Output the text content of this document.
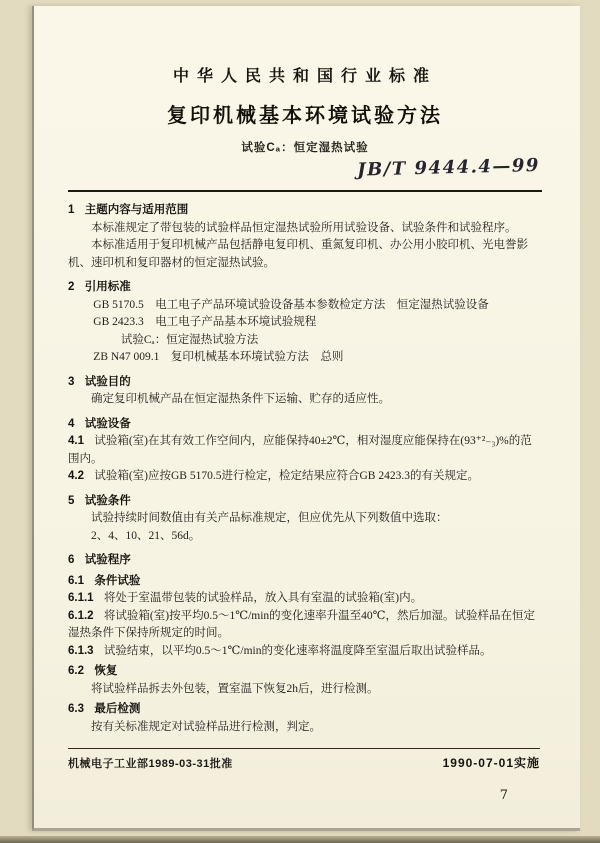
中华人民共和国行业标准
复印机械基本环境试验方法
试验Cₐ：恒定湿热试验
JB/T 9444.4—99
1 主题内容与适用范围
本标准规定了带包装的试验样品恒定湿热试验所用试验设备、试验条件和试验程序。
本标准适用于复印机械产品包括静电复印机、重氮复印机、办公用小胶印机、光电誊影机、速印机和复印器材的恒定湿热试验。
2 引用标准
GB 5170.5　电工电子产品环境试验设备基本参数检定方法　恒定湿热试验设备
GB 2423.3　电工电子产品基本环境试验规程
试验Cₐ：恒定湿热试验方法
ZB N47 009.1　复印机械基本环境试验方法　总则
3 试验目的
确定复印机械产品在恒定湿热条件下运输、贮存的适应性。
4 试验设备
4.1 试验箱(室)在其有效工作空间内，应能保持40±2℃，相对湿度应能保持在(93⁺²₋₃)%的范围内。
4.2 试验箱(室)应按GB 5170.5进行检定，检定结果应符合GB 2423.3的有关规定。
5 试验条件
试验持续时间数值由有关产品标准规定，但应优先从下列数值中选取：
2、4、10、21、56d。
6 试验程序
6.1 条件试验
6.1.1 将处于室温带包装的试验样品，放入具有室温的试验箱(室)内。
6.1.2 将试验箱(室)按平均0.5～1℃/min的变化速率升温至40℃，然后加湿。试验样品在恒定湿热条件下保持所规定的时间。
6.1.3 试验结束，以平均0.5～1℃/min的变化速率将温度降至室温后取出试验样品。
6.2 恢复
将试验样品拆去外包装，置室温下恢复2h后，进行检测。
6.3 最后检测
按有关标准规定对试验样品进行检测，判定。
机械电子工业部1989-03-31批准	1990-07-01实施
7
